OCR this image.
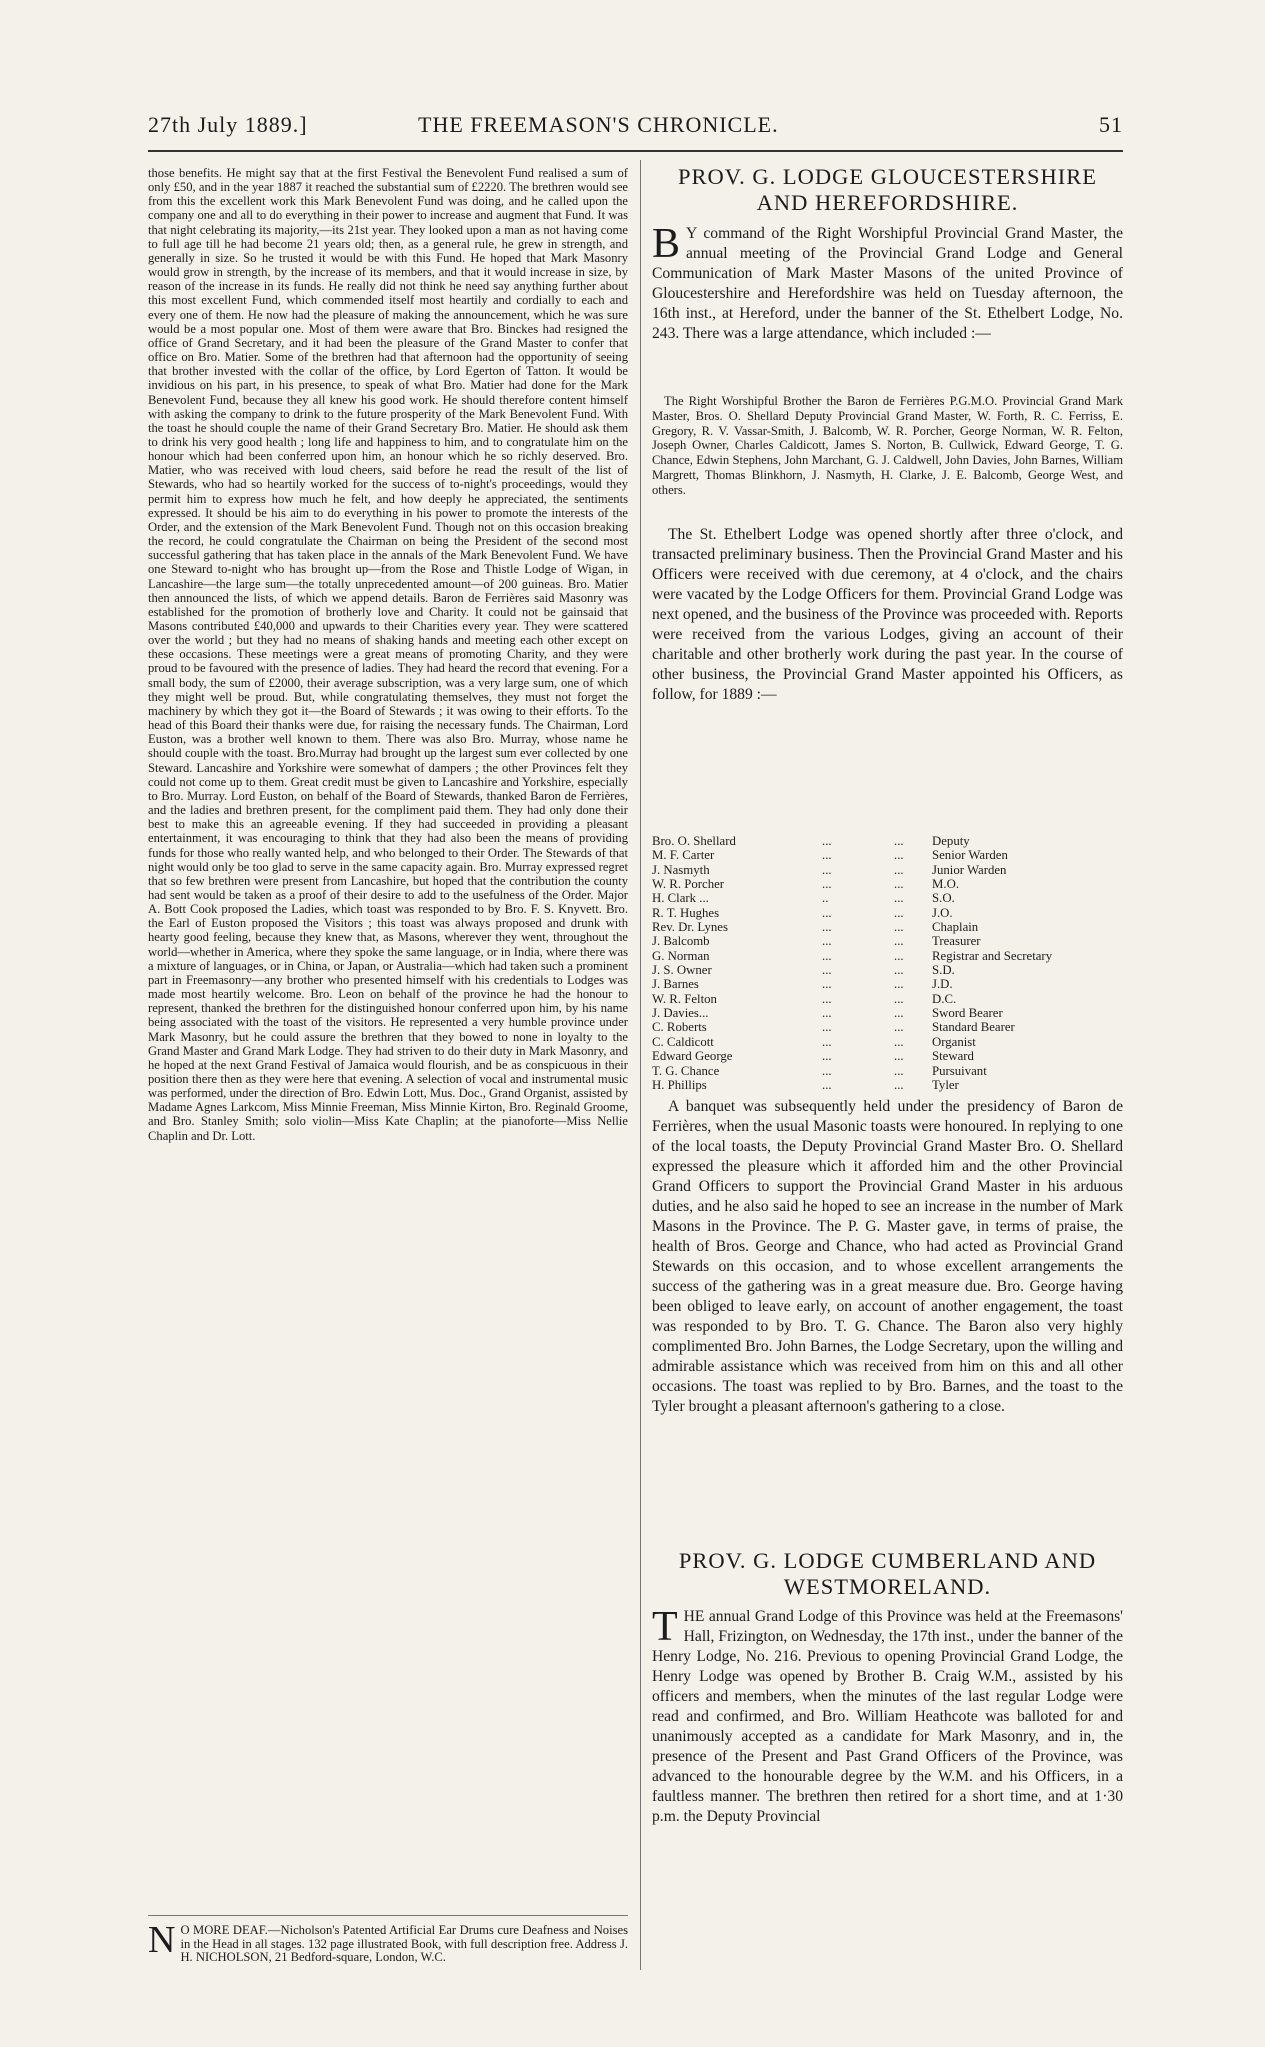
27th July 1889.]	THE FREEMASON'S CHRONICLE.	51

those benefits. He might say that at the first Festival the Benevolent Fund realised a sum of only £50, and in the year 1887 it reached the substantial sum of £2220. The brethren would see from this the excellent work this Mark Benevolent Fund was doing, and he called upon the company one and all to do everything in their power to increase and augment that Fund. It was that night celebrating its majority,—its 21st year. They looked upon a man as not having come to full age till he had become 21 years old; then, as a general rule, he grew in strength, and generally in size. So he trusted it would be with this Fund. He hoped that Mark Masonry would grow in strength, by the increase of its members, and that it would increase in size, by reason of the increase in its funds. He really did not think he need say anything further about this most excellent Fund, which commended itself most heartily and cordially to each and every one of them. He now had the pleasure of making the announcement, which he was sure would be a most popular one. Most of them were aware that Bro. Binckes had resigned the office of Grand Secretary, and it had been the pleasure of the Grand Master to confer that office on Bro. Matier. Some of the brethren had that afternoon had the opportunity of seeing that brother invested with the collar of the office, by Lord Egerton of Tatton. It would be invidious on his part, in his presence, to speak of what Bro. Matier had done for the Mark Benevolent Fund, because they all knew his good work. He should therefore content himself with asking the company to drink to the future prosperity of the Mark Benevolent Fund. With the toast he should couple the name of their Grand Secretary Bro. Matier. He should ask them to drink his very good health ; long life and happiness to him, and to congratulate him on the honour which had been conferred upon him, an honour which he so richly deserved. Bro. Matier, who was received with loud cheers, said before he read the result of the list of Stewards, who had so heartily worked for the success of to-night's proceedings, would they permit him to express how much he felt, and how deeply he appreciated, the sentiments expressed. It should be his aim to do everything in his power to promote the interests of the Order, and the extension of the Mark Benevolent Fund. Though not on this occasion breaking the record, he could congratulate the Chairman on being the President of the second most successful gathering that has taken place in the annals of the Mark Benevolent Fund. We have one Steward to-night who has brought up—from the Rose and Thistle Lodge of Wigan, in Lancashire—the large sum—the totally unprecedented amount—of 200 guineas. Bro. Matier then announced the lists, of which we append details. Baron de Ferrières said Masonry was established for the promotion of brotherly love and Charity. It could not be gainsaid that Masons contributed £40,000 and upwards to their Charities every year. They were scattered over the world ; but they had no means of shaking hands and meeting each other except on these occasions. These meetings were a great means of promoting Charity, and they were proud to be favoured with the presence of ladies. They had heard the record that evening. For a small body, the sum of £2000, their average subscription, was a very large sum, one of which they might well be proud. But, while congratulating themselves, they must not forget the machinery by which they got it—the Board of Stewards ; it was owing to their efforts. To the head of this Board their thanks were due, for raising the necessary funds. The Chairman, Lord Euston, was a brother well known to them. There was also Bro. Murray, whose name he should couple with the toast. Bro.Murray had brought up the largest sum ever collected by one Steward. Lancashire and Yorkshire were somewhat of dampers ; the other Provinces felt they could not come up to them. Great credit must be given to Lancashire and Yorkshire, especially to Bro. Murray. Lord Euston, on behalf of the Board of Stewards, thanked Baron de Ferrières, and the ladies and brethren present, for the compliment paid them. They had only done their best to make this an agreeable evening. If they had succeeded in providing a pleasant entertainment, it was encouraging to think that they had also been the means of providing funds for those who really wanted help, and who belonged to their Order. The Stewards of that night would only be too glad to serve in the same capacity again. Bro. Murray expressed regret that so few brethren were present from Lancashire, but hoped that the contribution the county had sent would be taken as a proof of their desire to add to the usefulness of the Order. Major A. Bott Cook proposed the Ladies, which toast was responded to by Bro. F. S. Knyvett. Bro. the Earl of Euston proposed the Visitors ; this toast was always proposed and drunk with hearty good feeling, because they knew that, as Masons, wherever they went, throughout the world—whether in America, where they spoke the same language, or in India, where there was a mixture of languages, or in China, or Japan, or Australia—which had taken such a prominent part in Freemasonry—any brother who presented himself with his credentials to Lodges was made most heartily welcome. Bro. Leon on behalf of the province he had the honour to represent, thanked the brethren for the distinguished honour conferred upon him, by his name being associated with the toast of the visitors. He represented a very humble province under Mark Masonry, but he could assure the brethren that they bowed to none in loyalty to the Grand Master and Grand Mark Lodge. They had striven to do their duty in Mark Masonry, and he hoped at the next Grand Festival of Jamaica would flourish, and be as conspicuous in their position there then as they were here that evening. A selection of vocal and instrumental music was performed, under the direction of Bro. Edwin Lott, Mus. Doc., Grand Organist, assisted by Madame Agnes Larkcom, Miss Minnie Freeman, Miss Minnie Kirton, Bro. Reginald Groome, and Bro. Stanley Smith; solo violin—Miss Kate Chaplin; at the pianoforte—Miss Nellie Chaplin and Dr. Lott.

N O MORE DEAF.—Nicholson's Patented Artificial Ear Drums cure Deafness and Noises in the Head in all stages. 132 page illustrated Book, with full description free. Address J. H. NICHOLSON, 21 Bedford-square, London, W.C.
PROV. G. LODGE GLOUCESTERSHIRE AND HEREFORDSHIRE.
B Y command of the Right Worshipful Provincial Grand Master, the annual meeting of the Provincial Grand Lodge and General Communication of Mark Master Masons of the united Province of Gloucestershire and Herefordshire was held on Tuesday afternoon, the 16th inst., at Hereford, under the banner of the St. Ethelbert Lodge, No. 243. There was a large attendance, which included :—

The Right Worshipful Brother the Baron de Ferrières P.G.M.O. Provincial Grand Mark Master, Bros. O. Shellard Deputy Provincial Grand Master, W. Forth, R. C. Ferriss, E. Gregory, R. V. Vassar-Smith, J. Balcomb, W. R. Porcher, George Norman, W. R. Felton, Joseph Owner, Charles Caldicott, James S. Norton, B. Cullwick, Edward George, T. G. Chance, Edwin Stephens, John Marchant, G. J. Caldwell, John Davies, John Barnes, William Margrett, Thomas Blinkhorn, J. Nasmyth, H. Clarke, J. E. Balcomb, George West, and others.

The St. Ethelbert Lodge was opened shortly after three o'clock, and transacted preliminary business. Then the Provincial Grand Master and his Officers were received with due ceremony, at 4 o'clock, and the chairs were vacated by the Lodge Officers for them. Provincial Grand Lodge was next opened, and the business of the Province was proceeded with. Reports were received from the various Lodges, giving an account of their charitable and other brotherly work during the past year. In the course of other business, the Provincial Grand Master appointed his Officers, as follow, for 1889 :—

Bro. O. Shellard	...	... Deputy
M. F. Carter	...	... Senior Warden
J. Nasmyth	...	... Junior Warden
W. R. Porcher	...	... M.O.
H. Clark ...	..	... S.O.
R. T. Hughes	...	... J.O.
Rev. Dr. Lynes	...	... Chaplain
J. Balcomb	...	... Treasurer
G. Norman	...	... Registrar and Secretary
J. S. Owner	...	... S.D.
J. Barnes	...	... J.D.
W. R. Felton	...	... D.C.
J. Davies...	...	... Sword Bearer
C. Roberts	...	... Standard Bearer
C. Caldicott	...	... Organist
Edward George	...	... Steward
T. G. Chance	...	... Pursuivant
H. Phillips	...	... Tyler

A banquet was subsequently held under the presidency of Baron de Ferrières, when the usual Masonic toasts were honoured. In replying to one of the local toasts, the Deputy Provincial Grand Master Bro. O. Shellard expressed the pleasure which it afforded him and the other Provincial Grand Officers to support the Provincial Grand Master in his arduous duties, and he also said he hoped to see an increase in the number of Mark Masons in the Province. The P. G. Master gave, in terms of praise, the health of Bros. George and Chance, who had acted as Provincial Grand Stewards on this occasion, and to whose excellent arrangements the success of the gathering was in a great measure due. Bro. George having been obliged to leave early, on account of another engagement, the toast was responded to by Bro. T. G. Chance. The Baron also very highly complimented Bro. John Barnes, the Lodge Secretary, upon the willing and admirable assistance which was received from him on this and all other occasions. The toast was replied to by Bro. Barnes, and the toast to the Tyler brought a pleasant afternoon's gathering to a close.

PROV. G. LODGE CUMBERLAND AND WESTMORELAND.
THE annual Grand Lodge of this Province was held at the Freemasons' Hall, Frizington, on Wednesday, the 17th inst., under the banner of the Henry Lodge, No. 216. Previous to opening Provincial Grand Lodge, the Henry Lodge was opened by Brother B. Craig W.M., assisted by his officers and members, when the minutes of the last regular Lodge were read and confirmed, and Bro. William Heathcote was balloted for and unanimously accepted as a candidate for Mark Masonry, and in, the presence of the Present and Past Grand Officers of the Province, was advanced to the honourable degree by the W.M. and his Officers, in a faultless manner. The brethren then retired for a short time, and at 1·30 p.m. the Deputy Provincial
